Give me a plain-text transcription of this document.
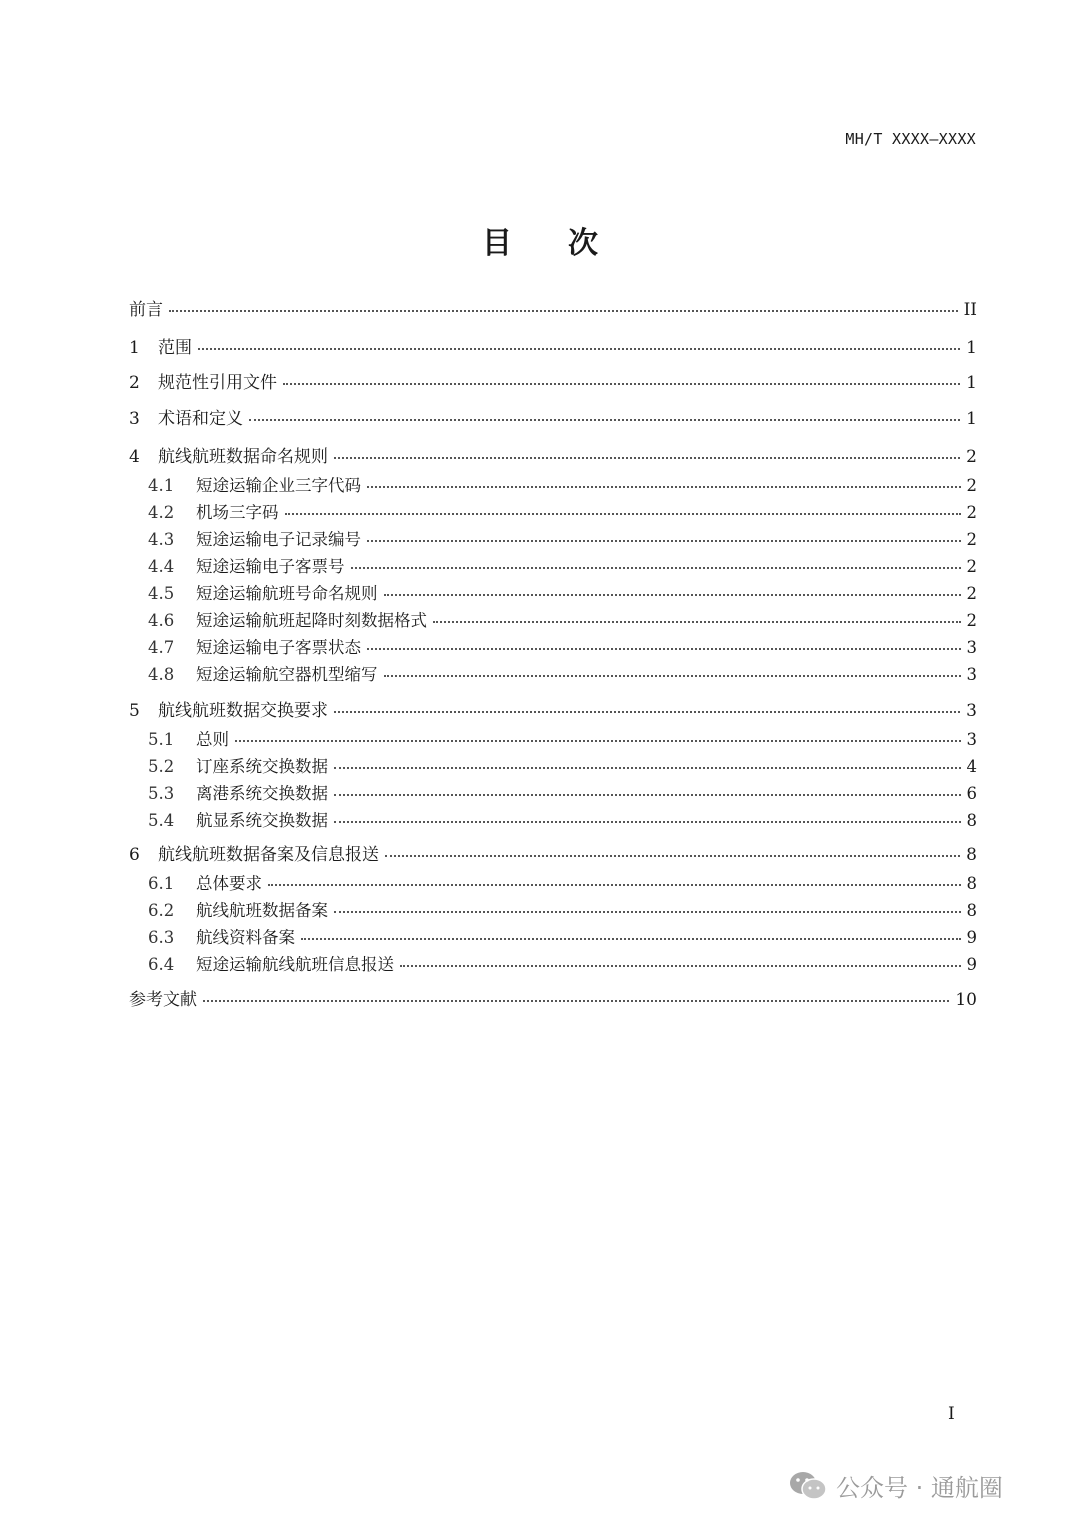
MH/T XXXX—XXXX
目 次
前言	II
1	范围	1
2	规范性引用文件	1
3	术语和定义	1
4	航线航班数据命名规则	2
4.1	短途运输企业三字代码	2
4.2	机场三字码	2
4.3	短途运输电子记录编号	2
4.4	短途运输电子客票号	2
4.5	短途运输航班号命名规则	2
4.6	短途运输航班起降时刻数据格式	2
4.7	短途运输电子客票状态	3
4.8	短途运输航空器机型缩写	3
5	航线航班数据交换要求	3
5.1	总则	3
5.2	订座系统交换数据	4
5.3	离港系统交换数据	6
5.4	航显系统交换数据	8
6	航线航班数据备案及信息报送	8
6.1	总体要求	8
6.2	航线航班数据备案	8
6.3	航线资料备案	9
6.4	短途运输航线航班信息报送	9
参考文献	10
I
公众号 · 通航圈
